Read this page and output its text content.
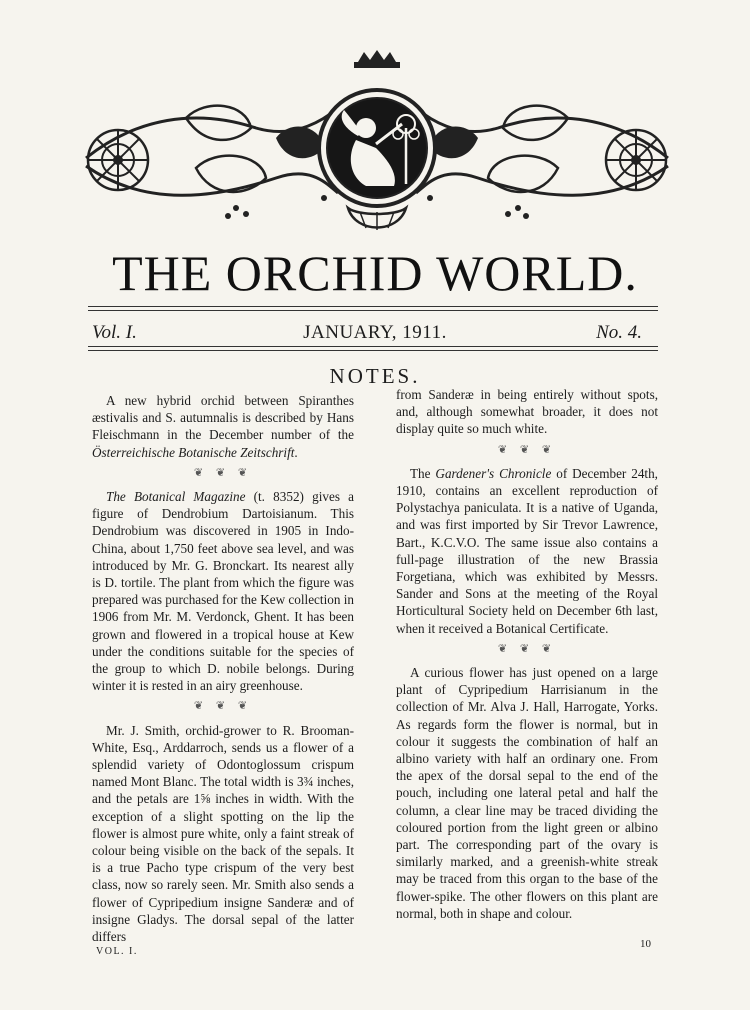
THE ORCHID WORLD.
Vol. I.	JANUARY, 1911.	No. 4.
NOTES.

A new hybrid orchid between Spiranthes æstivalis and S. autumnalis is described by Hans Fleischmann in the December number of the Österreichische Botanische Zeitschrift.

❦ ❦ ❦

The Botanical Magazine (t. 8352) gives a figure of Dendrobium Dartoisianum. This Dendrobium was discovered in 1905 in Indo-China, about 1,750 feet above sea level, and was introduced by Mr. G. Bronckart. Its nearest ally is D. tortile. The plant from which the figure was prepared was purchased for the Kew collection in 1906 from Mr. M. Verdonck, Ghent. It has been grown and flowered in a tropical house at Kew under the conditions suitable for the species of the group to which D. nobile belongs. During winter it is rested in an airy greenhouse.

❦ ❦ ❦

Mr. J. Smith, orchid-grower to R. Brooman-White, Esq., Arddarroch, sends us a flower of a splendid variety of Odontoglossum crispum named Mont Blanc. The total width is 3¾ inches, and the petals are 1⅝ inches in width. With the exception of a slight spotting on the lip the flower is almost pure white, only a faint streak of colour being visible on the back of the sepals. It is a true Pacho type crispum of the very best class, now so rarely seen. Mr. Smith also sends a flower of Cypripedium insigne Sanderæ and of insigne Gladys. The dorsal sepal of the latter differs

from Sanderæ in being entirely without spots, and, although somewhat broader, it does not display quite so much white.

❦ ❦ ❦

The Gardener's Chronicle of December 24th, 1910, contains an excellent reproduction of Polystachya paniculata. It is a native of Uganda, and was first imported by Sir Trevor Lawrence, Bart., K.C.V.O. The same issue also contains a full-page illustration of the new Brassia Forgetiana, which was exhibited by Messrs. Sander and Sons at the meeting of the Royal Horticultural Society held on December 6th last, when it received a Botanical Certificate.

❦ ❦ ❦

A curious flower has just opened on a large plant of Cypripedium Harrisianum in the collection of Mr. Alva J. Hall, Harrogate, Yorks. As regards form the flower is normal, but in colour it suggests the combination of half an albino variety with half an ordinary one. From the apex of the dorsal sepal to the end of the pouch, including one lateral petal and half the column, a clear line may be traced dividing the coloured portion from the light green or albino part. The corresponding part of the ovary is similarly marked, and a greenish-white streak may be traced from this organ to the base of the flower-spike. The other flowers on this plant are normal, both in shape and colour.

VOL. I.
10
